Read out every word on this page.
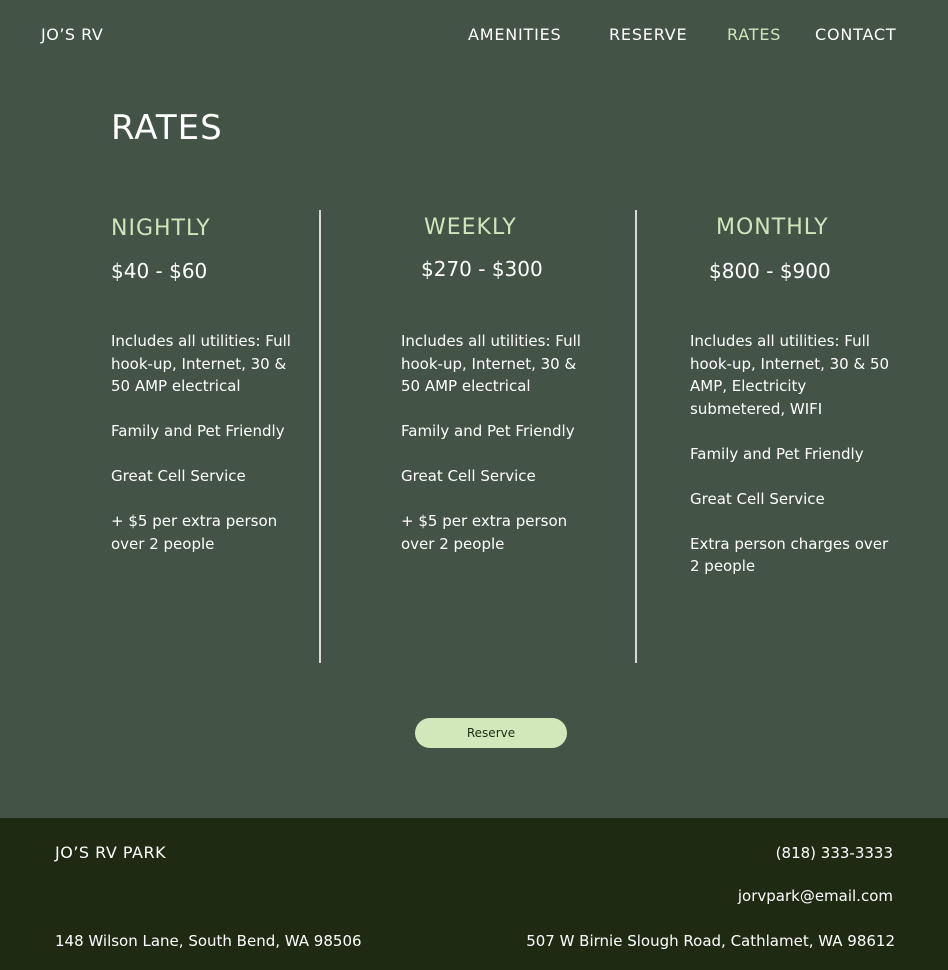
JO’S RV	AMENITIES	RESERVE RATES CONTACT
RATES
NIGHTLY
$40 - $60
Includes all utilities: Full hook-up, Internet, 30 & 50 AMP electrical
Family and Pet Friendly
Great Cell Service
+ $5 per extra person over 2 people
WEEKLY
$270 - $300
Includes all utilities: Full hook-up, Internet, 30 & 50 AMP electrical
Family and Pet Friendly
Great Cell Service
+ $5 per extra person over 2 people
MONTHLY
$800 - $900
Includes all utilities: Full hook-up, Internet, 30 & 50 AMP, Electricity submetered, WIFI
Family and Pet Friendly
Great Cell Service
Extra person charges over 2 people
Reserve
JO’S RV PARK	(818) 333-3333
jorvpark@email.com
148 Wilson Lane, South Bend, WA 98506	507 W Birnie Slough Road, Cathlamet, WA 98612
